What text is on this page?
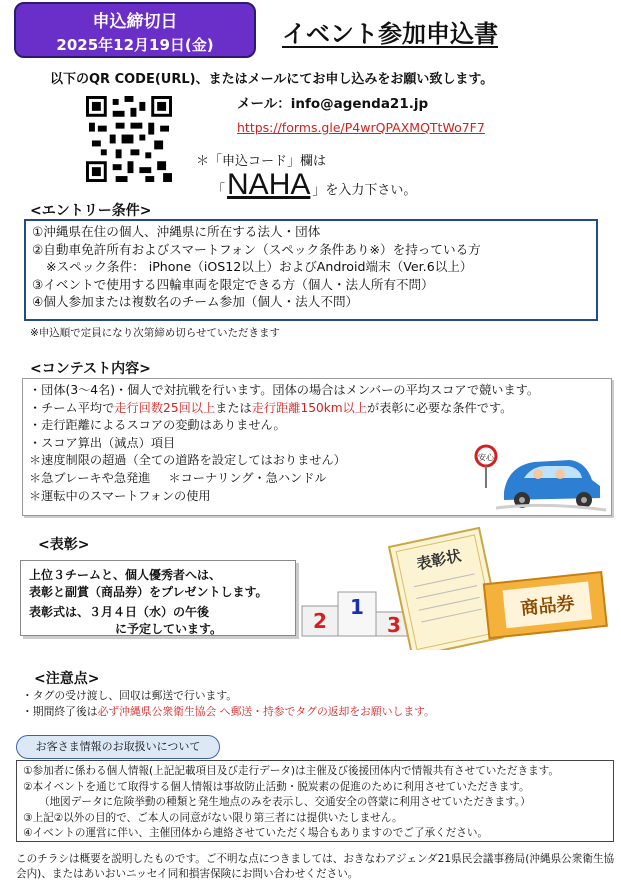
申込締切日
2025年12月19日(金)	イベント参加申込書
以下のQR CODE(URL)、またはメールにてお申し込みをお願い致します。
メール：info@agenda21.jp
https://forms.gle/P4wrQPAXMQTtWo7F7
＊「申込コード」欄は
「NAHA 」を入力下さい。
<エントリー条件>
①沖縄県在住の個人、沖縄県に所在する法人・団体
②自動車免許所有およびスマートフォン（スペック条件あり※）を持っている方
※スペック条件： iPhone（iOS12以上）およびAndroid端末（Ver.6以上）
③イベントで使用する四輪車両を限定できる方（個人・法人所有不問）
④個人参加または複数名のチーム参加（個人・法人不問）
※申込順で定員になり次第締め切らせていただきます
<コンテスト内容>
・団体(3～4名)・個人で対抗戦を行います。団体の場合はメンバーの平均スコアで競います。
・チーム平均で走行回数25回以上または走行距離150km以上が表彰に必要な条件です。
・走行距離によるスコアの変動はありません。
・スコア算出（減点）項目
＊速度制限の超過（全ての道路を設定してはおりません）
＊急ブレーキや急発進 ＊コーナリング・急ハンドル
＊運転中のスマートフォンの使用
安心
<表彰>
上位３チームと、個人優秀者へは、
表彰と副賞（商品券）をプレゼントします。
表彰式は、３月４日（水）の午後
に予定しています。	2
1
3
表彰状
商品券
<注意点>
・タグの受け渡し、回収は郵送で行います。
・期間終了後は必ず沖縄県公衆衛生協会 へ郵送・持参でタグの返却をお願いします。
お客さま情報のお取扱いについて
①参加者に係わる個人情報(上記記載項目及び走行データ)は主催及び後援団体内で情報共有させていただきます。
②本イベントを通じて取得する個人情報は事故防止活動・脱炭素の促進のために利用させていただきます。
（地図データに危険挙動の種類と発生地点のみを表示し、交通安全の啓蒙に利用させていただきます。）
③上記②以外の目的で、ご本人の同意がない限り第三者には提供いたしません。
④イベントの運営に伴い、主催団体から連絡させていただく場合もありますのでご了承ください。
このチラシは概要を説明したものです。ご不明な点につきましては、おきなわアジェンダ21県民会議事務局(沖縄県公衆衛生協会内)、またはあいおいニッセイ同和損害保険にお問い合わせください。
